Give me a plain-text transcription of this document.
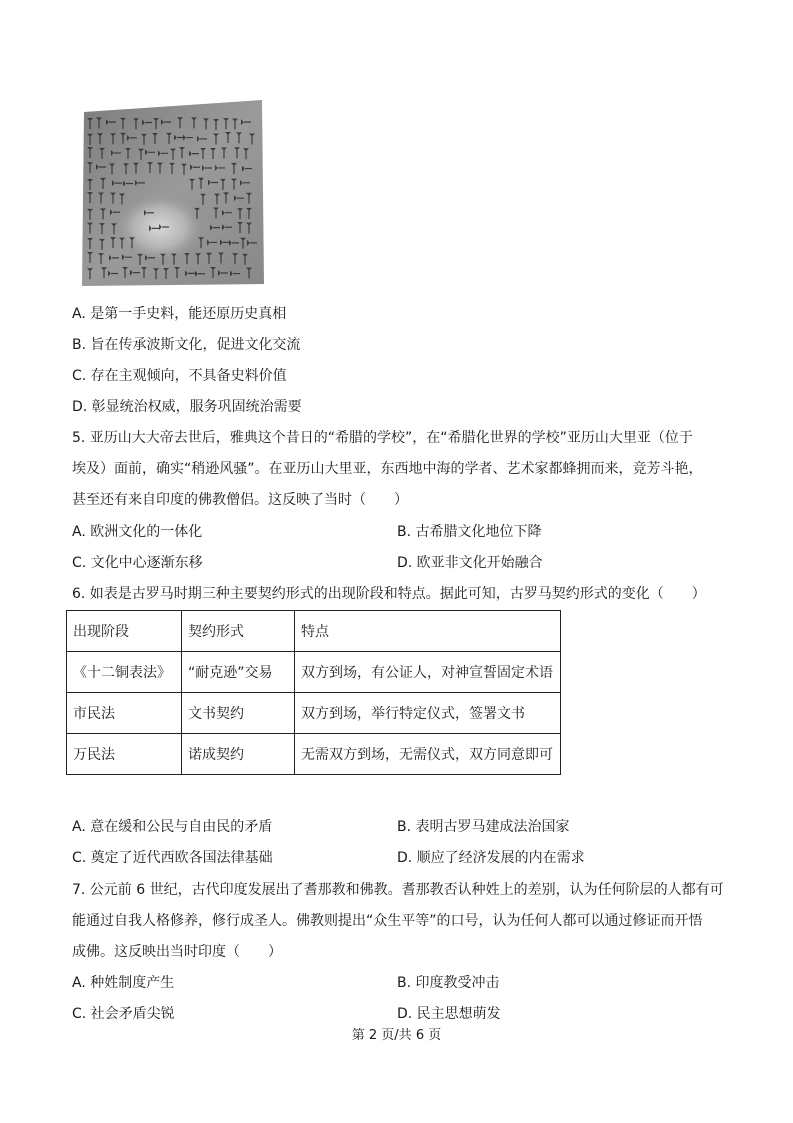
A. 是第一手史料，能还原历史真相
B. 旨在传承波斯文化，促进文化交流
C. 存在主观倾向，不具备史料价值
D. 彰显统治权威，服务巩固统治需要
5. 亚历山大大帝去世后，雅典这个昔日的“希腊的学校”，在“希腊化世界的学校”亚历山大里亚（位于
埃及）面前，确实“稍逊风骚”。在亚历山大里亚，东西地中海的学者、艺术家都蜂拥而来，竞芳斗艳，
甚至还有来自印度的佛教僧侣。这反映了当时（　　）
A. 欧洲文化的一体化	B. 古希腊文化地位下降
C. 文化中心逐渐东移	D. 欧亚非文化开始融合
6. 如表是古罗马时期三种主要契约形式的出现阶段和特点。据此可知，古罗马契约形式的变化（　　）
出现阶段	契约形式	特点
《十二铜表法》	“耐克逊”交易	双方到场，有公证人，对神宣誓固定术语
市民法	文书契约	双方到场，举行特定仪式，签署文书
万民法	诺成契约	无需双方到场，无需仪式，双方同意即可
A. 意在缓和公民与自由民的矛盾	B. 表明古罗马建成法治国家
C. 奠定了近代西欧各国法律基础	D. 顺应了经济发展的内在需求
7. 公元前 6 世纪，古代印度发展出了耆那教和佛教。耆那教否认种姓上的差别，认为任何阶层的人都有可
能通过自我人格修养，修行成圣人。佛教则提出“众生平等”的口号，认为任何人都可以通过修证而开悟
成佛。这反映出当时印度（　　）
A. 种姓制度产生	B. 印度教受冲击
C. 社会矛盾尖锐	D. 民主思想萌发
第 2 页/共 6 页
